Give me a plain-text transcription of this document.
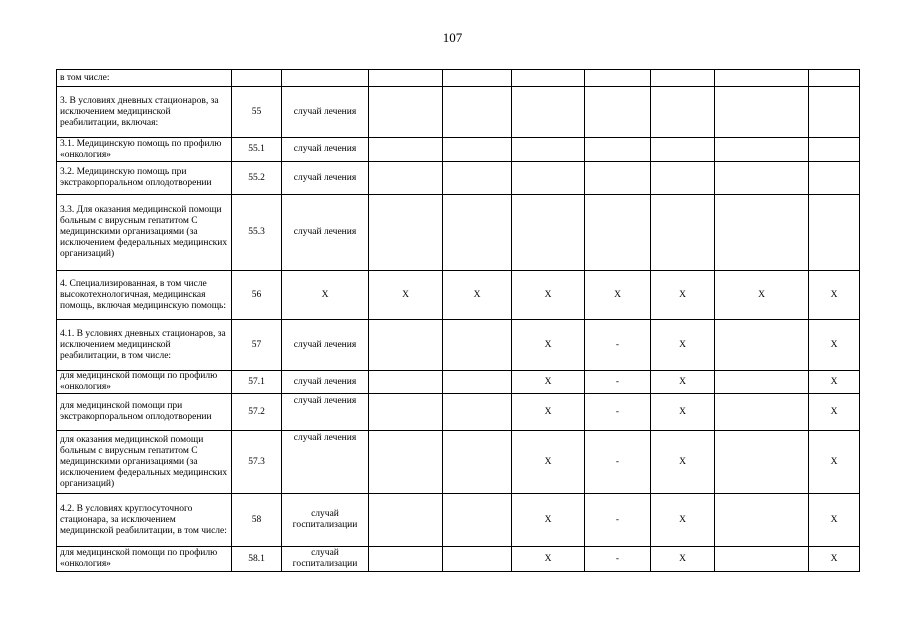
107
в том числе:									
3. В условиях дневных стационаров, за исключением медицинской реабилитации, включая:	55	случай лечения							
3.1. Медицинскую помощь по профилю «онкология»	55.1	случай лечения							
3.2. Медицинскую помощь при экстракорпоральном оплодотворении	55.2	случай лечения							
3.3. Для оказания медицинской помощи больным с вирусным гепатитом С медицинскими организациями (за исключением федеральных медицинских организаций)	55.3	случай лечения							
4. Специализированная, в том числе высокотехнологичная, медицинская помощь, включая медицинскую помощь:	56	Х	Х	Х	Х	Х	Х	Х	Х
4.1. В условиях дневных стационаров, за исключением медицинской реабилитации, в том числе:	57	случай лечения			Х	-	Х		Х
для медицинской помощи по профилю «онкология»	57.1	случай лечения			Х	-	Х		Х
для медицинской помощи при экстракорпоральном оплодотворении	57.2	случай лечения			Х	-	Х		Х
для оказания медицинской помощи больным с вирусным гепатитом С медицинскими организациями (за исключением федеральных медицинских организаций)	57.3	случай лечения			Х	-	Х		Х
4.2. В условиях круглосуточного стационара, за исключением медицинской реабилитации, в том числе:	58	случай госпитализации			Х	-	Х		Х
для медицинской помощи по профилю «онкология»	58.1	случай госпитализации			Х	-	Х		Х
